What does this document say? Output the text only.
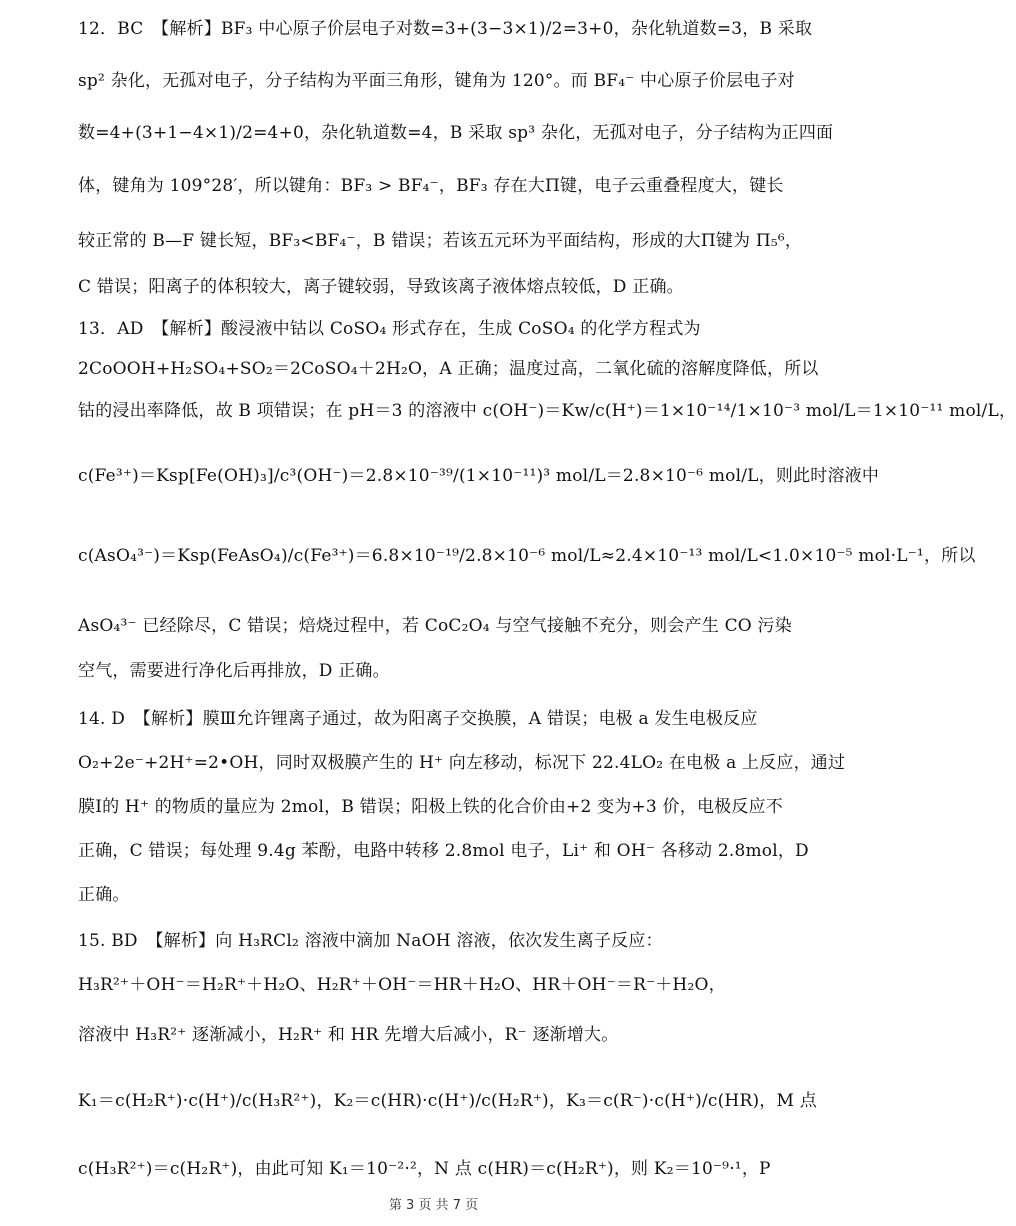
12．BC　【解析】BF₃ 中心原子价层电子对数=3+(3−3×1)/2=3+0，杂化轨道数=3，B 采取
sp² 杂化，无孤对电子，分子结构为平面三角形，键角为 120°。而 BF₄⁻ 中心原子价层电子对
数=4+(3+1−4×1)/2=4+0，杂化轨道数=4，B 采取 sp³ 杂化，无孤对电子，分子结构为正四面
体，键角为 109°28′，所以键角：BF₃ > BF₄⁻，BF₃ 存在大Π键，电子云重叠程度大，键长
较正常的 B—F 键长短，BF₃<BF₄⁻，B 错误；若该五元环为平面结构，形成的大Π键为 Π₅⁶，
C 错误；阳离子的体积较大，离子键较弱，导致该离子液体熔点较低，D 正确。
13．AD　【解析】酸浸液中钴以 CoSO₄ 形式存在，生成 CoSO₄ 的化学方程式为
2CoOOH+H₂SO₄+SO₂＝2CoSO₄＋2H₂O，A 正确；温度过高，二氧化硫的溶解度降低，所以
钴的浸出率降低，故 B 项错误；在 pH＝3 的溶液中 c(OH⁻)＝Kw/c(H⁺)＝1×10⁻¹⁴/1×10⁻³ mol/L＝1×10⁻¹¹ mol/L，
c(Fe³⁺)＝Ksp[Fe(OH)₃]/c³(OH⁻)＝2.8×10⁻³⁹/(1×10⁻¹¹)³ mol/L＝2.8×10⁻⁶ mol/L，则此时溶液中
c(AsO₄³⁻)＝Ksp(FeAsO₄)/c(Fe³⁺)＝6.8×10⁻¹⁹/2.8×10⁻⁶ mol/L≈2.4×10⁻¹³ mol/L<1.0×10⁻⁵ mol·L⁻¹，所以
AsO₄³⁻ 已经除尽，C 错误；焙烧过程中，若 CoC₂O₄ 与空气接触不充分，则会产生 CO 污染
空气，需要进行净化后再排放，D 正确。
14. D　【解析】膜Ⅲ允许锂离子通过，故为阳离子交换膜，A 错误；电极 a 发生电极反应
O₂+2e⁻+2H⁺=2•OH，同时双极膜产生的 H⁺ 向左移动，标况下 22.4LO₂ 在电极 a 上反应，通过
膜Ⅰ的 H⁺ 的物质的量应为 2mol，B 错误；阳极上铁的化合价由+2 变为+3 价，电极反应不
正确，C 错误；每处理 9.4g 苯酚，电路中转移 2.8mol 电子，Li⁺ 和 OH⁻ 各移动 2.8mol，D
正确。
15. BD　【解析】向 H₃RCl₂ 溶液中滴加 NaOH 溶液，依次发生离子反应：
H₃R²⁺＋OH⁻＝H₂R⁺＋H₂O、H₂R⁺＋OH⁻＝HR＋H₂O、HR＋OH⁻＝R⁻＋H₂O，
溶液中 H₃R²⁺ 逐渐减小，H₂R⁺ 和 HR 先增大后减小，R⁻ 逐渐增大。
K₁＝c(H₂R⁺)·c(H⁺)/c(H₃R²⁺)，K₂＝c(HR)·c(H⁺)/c(H₂R⁺)，K₃＝c(R⁻)·c(H⁺)/c(HR)，M 点
c(H₃R²⁺)＝c(H₂R⁺)，由此可知 K₁＝10⁻²·²，N 点 c(HR)＝c(H₂R⁺)，则 K₂＝10⁻⁹·¹，P
第 3 页 共 7 页
